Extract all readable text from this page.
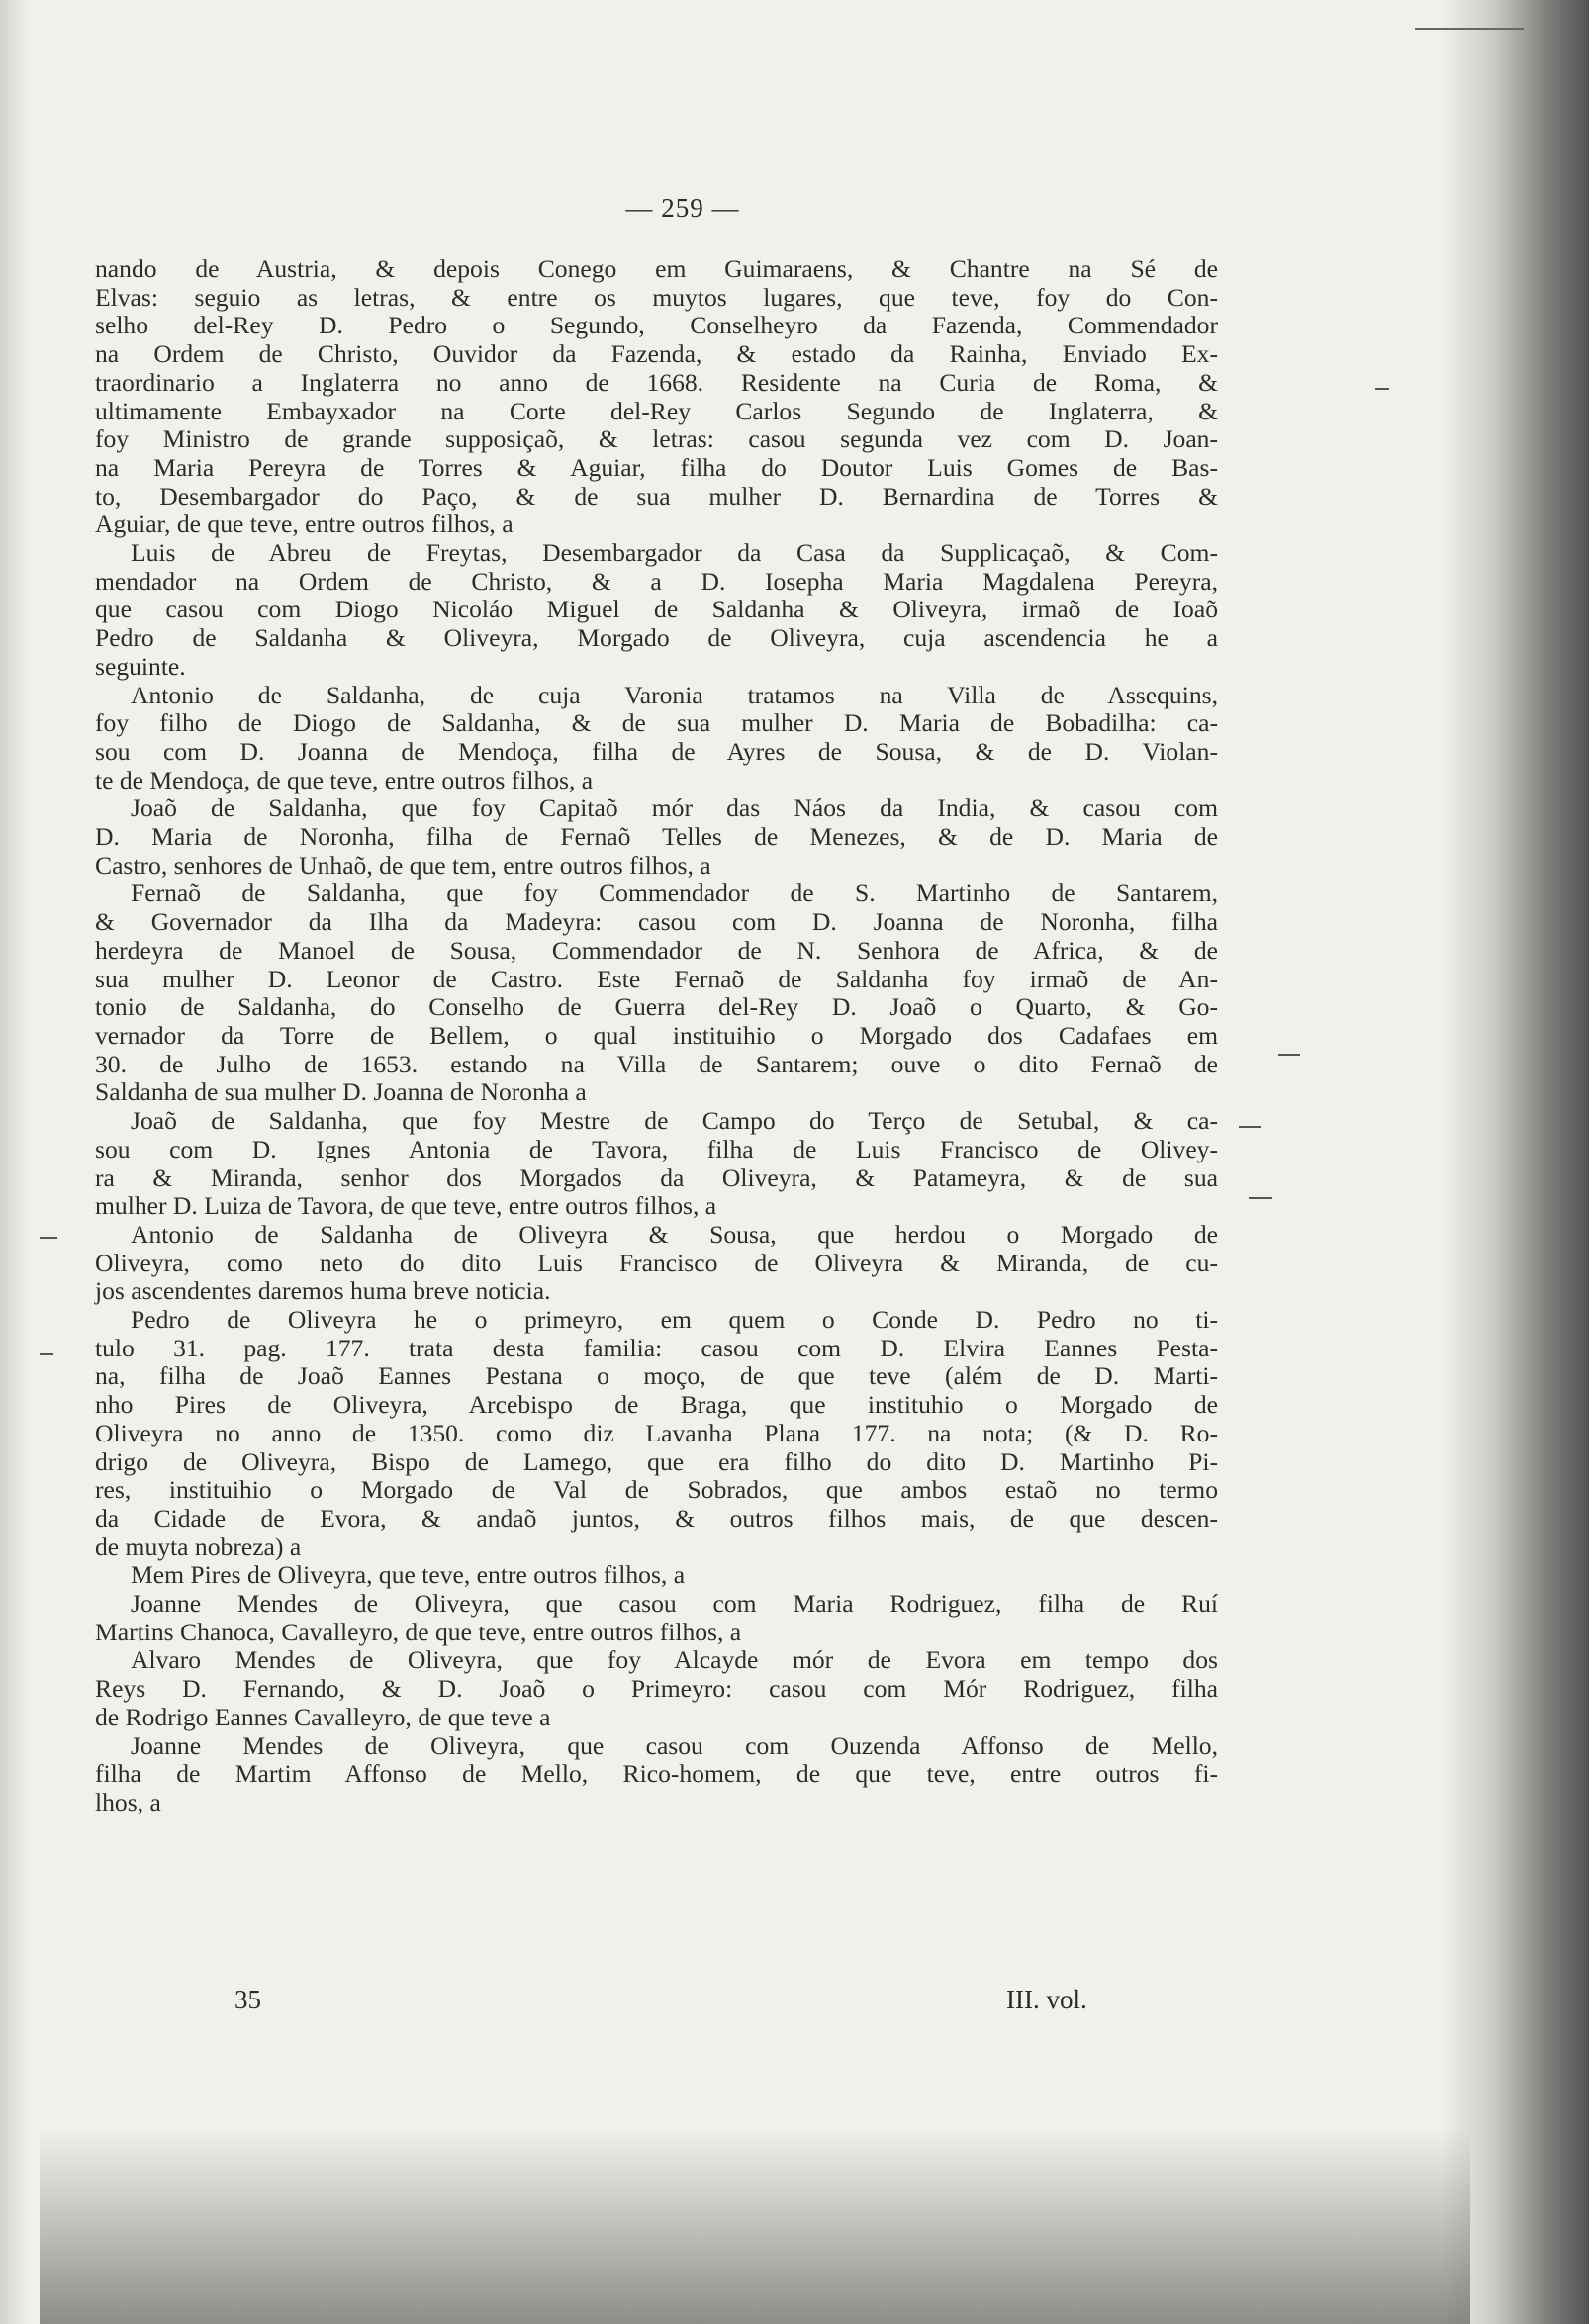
— 259 —
nando de Austria, & depois Conego em Guimaraens, & Chantre na Sé de
Elvas: seguio as letras, & entre os muytos lugares, que teve, foy do Con-
selho del-Rey D. Pedro o Segundo, Conselheyro da Fazenda, Commendador
na Ordem de Christo, Ouvidor da Fazenda, & estado da Rainha, Enviado Ex-
traordinario a Inglaterra no anno de 1668. Residente na Curia de Roma, &
ultimamente Embayxador na Corte del-Rey Carlos Segundo de Inglaterra, &
foy Ministro de grande supposiçaõ, & letras: casou segunda vez com D. Joan-
na Maria Pereyra de Torres & Aguiar, filha do Doutor Luis Gomes de Bas-
to, Desembargador do Paço, & de sua mulher D. Bernardina de Torres &
Aguiar, de que teve, entre outros filhos, a
Luis de Abreu de Freytas, Desembargador da Casa da Supplicaçaõ, & Com-
mendador na Ordem de Christo, & a D. Iosepha Maria Magdalena Pereyra,
que casou com Diogo Nicoláo Miguel de Saldanha & Oliveyra, irmaõ de Ioaõ
Pedro de Saldanha & Oliveyra, Morgado de Oliveyra, cuja ascendencia he a
seguinte.
Antonio de Saldanha, de cuja Varonia tratamos na Villa de Assequins,
foy filho de Diogo de Saldanha, & de sua mulher D. Maria de Bobadilha: ca-
sou com D. Joanna de Mendoça, filha de Ayres de Sousa, & de D. Violan-
te de Mendoça, de que teve, entre outros filhos, a
Joaõ de Saldanha, que foy Capitaõ mór das Náos da India, & casou com
D. Maria de Noronha, filha de Fernaõ Telles de Menezes, & de D. Maria de
Castro, senhores de Unhaõ, de que tem, entre outros filhos, a
Fernaõ de Saldanha, que foy Commendador de S. Martinho de Santarem,
& Governador da Ilha da Madeyra: casou com D. Joanna de Noronha, filha
herdeyra de Manoel de Sousa, Commendador de N. Senhora de Africa, & de
sua mulher D. Leonor de Castro. Este Fernaõ de Saldanha foy irmaõ de An-
tonio de Saldanha, do Conselho de Guerra del-Rey D. Joaõ o Quarto, & Go-
vernador da Torre de Bellem, o qual instituihio o Morgado dos Cadafaes em
30. de Julho de 1653. estando na Villa de Santarem; ouve o dito Fernaõ de
Saldanha de sua mulher D. Joanna de Noronha a
Joaõ de Saldanha, que foy Mestre de Campo do Terço de Setubal, & ca-
sou com D. Ignes Antonia de Tavora, filha de Luis Francisco de Olivey-
ra & Miranda, senhor dos Morgados da Oliveyra, & Patameyra, & de sua
mulher D. Luiza de Tavora, de que teve, entre outros filhos, a
Antonio de Saldanha de Oliveyra & Sousa, que herdou o Morgado de
Oliveyra, como neto do dito Luis Francisco de Oliveyra & Miranda, de cu-
jos ascendentes daremos huma breve noticia.
Pedro de Oliveyra he o primeyro, em quem o Conde D. Pedro no ti-
tulo 31. pag. 177. trata desta familia: casou com D. Elvira Eannes Pesta-
na, filha de Joaõ Eannes Pestana o moço, de que teve (além de D. Marti-
nho Pires de Oliveyra, Arcebispo de Braga, que instituhio o Morgado de
Oliveyra no anno de 1350. como diz Lavanha Plana 177. na nota; (& D. Ro-
drigo de Oliveyra, Bispo de Lamego, que era filho do dito D. Martinho Pi-
res, instituihio o Morgado de Val de Sobrados, que ambos estaõ no termo
da Cidade de Evora, & andaõ juntos, & outros filhos mais, de que descen-
de muyta nobreza) a
Mem Pires de Oliveyra, que teve, entre outros filhos, a
Joanne Mendes de Oliveyra, que casou com Maria Rodriguez, filha de Ruí
Martins Chanoca, Cavalleyro, de que teve, entre outros filhos, a
Alvaro Mendes de Oliveyra, que foy Alcayde mór de Evora em tempo dos
Reys D. Fernando, & D. Joaõ o Primeyro: casou com Mór Rodriguez, filha
de Rodrigo Eannes Cavalleyro, de que teve a
Joanne Mendes de Oliveyra, que casou com Ouzenda Affonso de Mello,
filha de Martim Affonso de Mello, Rico-homem, de que teve, entre outros fi-
lhos, a
35	III. vol.
